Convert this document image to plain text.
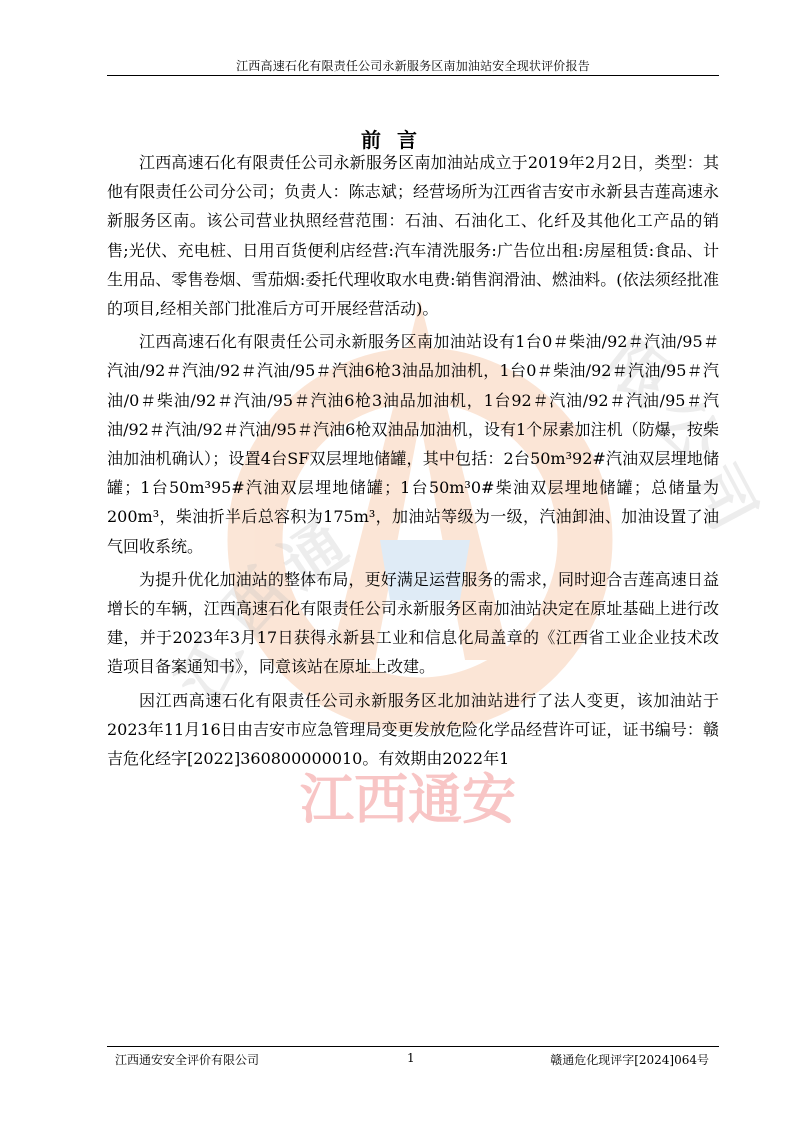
江
西
通
限
公
司
江西通安
江西高速石化有限责任公司永新服务区南加油站安全现状评价报告
前言

江西高速石化有限责任公司永新服务区南加油站成立于2019年2月2日，类型：其他有限责任公司分公司；负责人：陈志斌；经营场所为江西省吉安市永新县吉莲高速永新服务区南。该公司营业执照经营范围：石油、石油化工、化纤及其他化工产品的销售;光伏、充电桩、日用百货便利店经营:汽车清洗服务:广告位出租:房屋租赁:食品、计生用品、零售卷烟、雪茄烟:委托代理收取水电费:销售润滑油、燃油料。(依法须经批准的项目,经相关部门批准后方可开展经营活动)。

江西高速石化有限责任公司永新服务区南加油站设有1台0＃柴油/92＃汽油/95＃汽油/92＃汽油/92＃汽油/95＃汽油6枪3油品加油机，1台0＃柴油/92＃汽油/95＃汽油/0＃柴油/92＃汽油/95＃汽油6枪3油品加油机，1台92＃汽油/92＃汽油/95＃汽油/92＃汽油/92＃汽油/95＃汽油6枪双油品加油机，设有1个尿素加注机（防爆，按柴油加油机确认）；设置4台SF双层埋地储罐，其中包括：2台50m³92#汽油双层埋地储罐；1台50m³95#汽油双层埋地储罐；1台50m³0#柴油双层埋地储罐；总储量为200m³，柴油折半后总容积为175m³，加油站等级为一级，汽油卸油、加油设置了油气回收系统。

为提升优化加油站的整体布局，更好满足运营服务的需求，同时迎合吉莲高速日益增长的车辆，江西高速石化有限责任公司永新服务区南加油站决定在原址基础上进行改建，并于2023年3月17日获得永新县工业和信息化局盖章的《江西省工业企业技术改造项目备案通知书》，同意该站在原址上改建。

因江西高速石化有限责任公司永新服务区北加油站进行了法人变更，该加油站于2023年11月16日由吉安市应急管理局变更发放危险化学品经营许可证，证书编号：赣吉危化经字[2022]360800000010。有效期由2022年1

江西通安安全评价有限公司	1	赣通危化现评字[2024]064号
